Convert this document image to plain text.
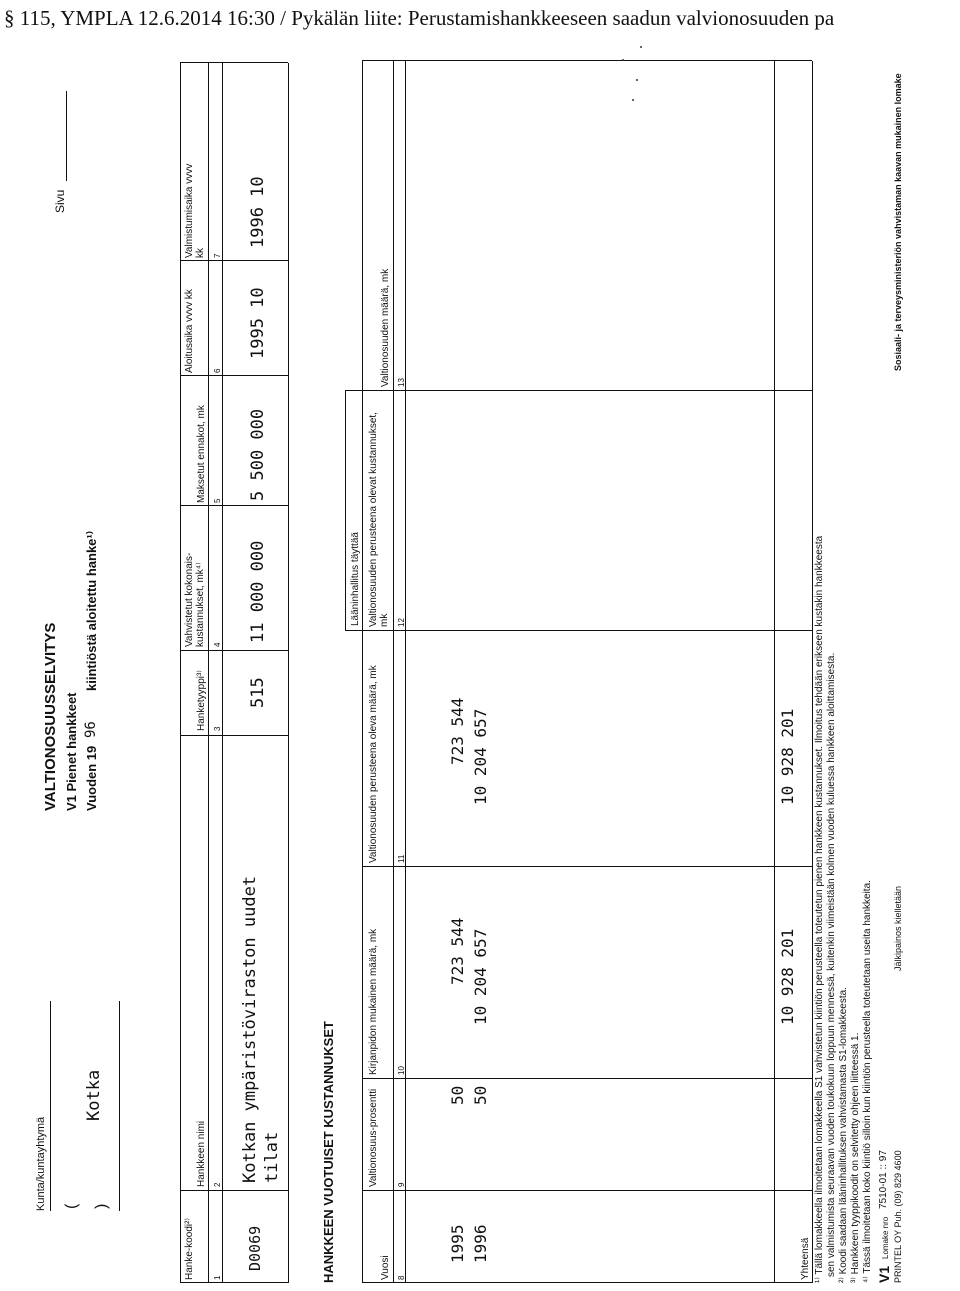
§ 115, YMPLA 12.6.2014 16:30 / Pykälän liite: Perustamishankkeeseen saadun valvionosuuden pa
Kunta/kuntayhtymä (
Kotka
)
VALTIONOSUUSSELVITYS V1 Pienet hankkeet Vuoden 19
96
kiintiöstä aloitettu hanke¹⁾
Sivu
Hanke-koodi²⁾
Hankkeen nimi
Hanketyyppi³⁾
Vahvistetut kokonais-kustannukset, mk⁴⁾
Maksetut ennakot, mk
Aloitusaika vvvv kk
Valmistumisaika vvvv kk
1
2
3
4
5
6
7
D0069
Kotkan ympäristöviraston uudet tilat
515
11 000 000
5 500 000
1995 10
1996 10
HANKKEEN VUOTUISET KUSTANNUKSET
Lääninhallitus täyttää
Vuosi
Valtionosuus-prosentti
Kirjanpidon mukainen määrä, mk
Valtionosuuden perusteena oleva määrä, mk
Valtionosuuden perusteena olevat kustannukset, mk
Valtionosuuden määrä, mk
8
9
10
11
12
13
1995
50
723 544
723 544
1996
50
10 204 657
10 204 657
Yhteensä
10 928 201
10 928 201 ¹⁾ Tällä lomakkeella ilmoitetaan lomakkeella S1 vahvistetun kiintiön perusteella toteutetun pienen hankkeen kustannukset. Ilmoitus tehdään erikseen kustakin hankkeesta sen valmistumista seuraavan vuoden toukokuun loppuun mennessä, kuitenkin viimeistään kolmen vuoden kuluessa hankkeen aloittamisesta. ²⁾ Koodi saadaan lääninhallituksen vahvistamasta S1-lomakkeesta. ³⁾ Hankkeen tyyppikoodit on selvitetty ohjeen liitteessä 1. ⁴⁾ Tässä ilmoitetaan koko kiintiö silloin kun kiintiön perusteella toteutetaan useita hankkeita. V1
Lomake nro
7510-01 :: 97 PRINTEL OY Puh. (09) 829 4600
Jälkipainos kielletään
Sosiaali- ja terveysministeriön vahvistaman kaavan mukainen lomake
